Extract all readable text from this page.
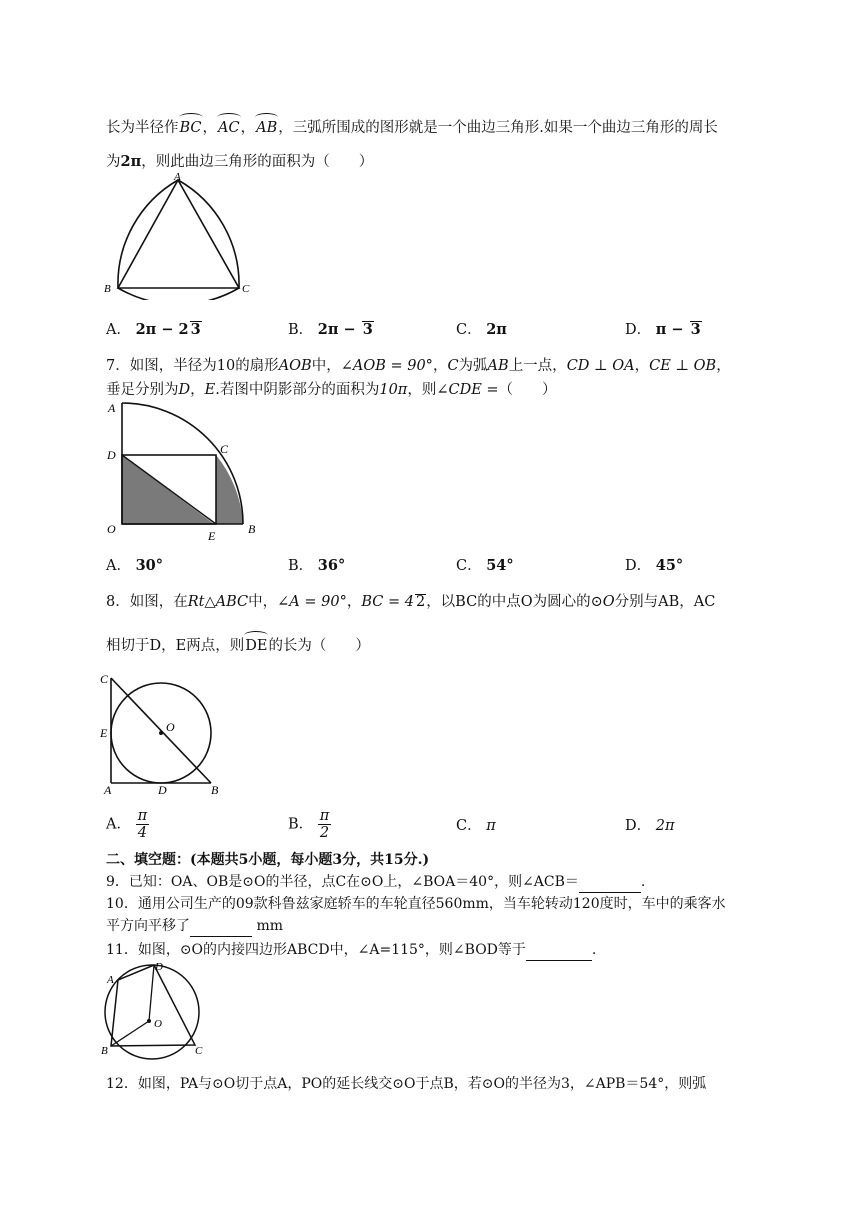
长为半径作BC，AC，AB，三弧所围成的图形就是一个曲边三角形.如果一个曲边三角形的周长
为2π，则此曲边三角形的面积为（　　）
A
B	C
A． 2π − 2 3	B． 2π − 3	C． 2π	D． π − 3
7．如图，半径为10的扇形AOB中，∠AOB = 90°，C为弧AB上一点，CD ⊥ OA，CE ⊥ OB，
垂足分别为D，E.若图中阴影部分的面积为10π，则∠CDE =（　　）
A
D	C
O	E	B
A． 30°	B． 36°	C． 54°	D． 45°
8．如图，在Rt△ABC中，∠A = 90°，BC = 4 2，以BC的中点O为圆心的⊙O分别与AB，AC
相切于D，E两点，则DE的长为（　　）
C
E	O
A	D	B
A． $\frac{\pi}{4}$	B． $\frac{\pi}{2}$	C． π	D． 2π
二、填空题：(本题共5小题，每小题3分，共15分.)
9．已知：OA、OB是⊙O的半径，点C在⊙O上，∠BOA＝40°，则∠ACB＝	.
10．通用公司生产的09款科鲁兹家庭轿车的车轮直径560mm，当车轮转动120度时，车中的乘客水
平方向平移了	mm
11．如图，⊙O的内接四边形ABCD中，∠A=115°，则∠BOD等于	.
A
D
O
B	C
12．如图，PA与⊙O切于点A，PO的延长线交⊙O于点B，若⊙O的半径为3，∠APB＝54°，则弧
